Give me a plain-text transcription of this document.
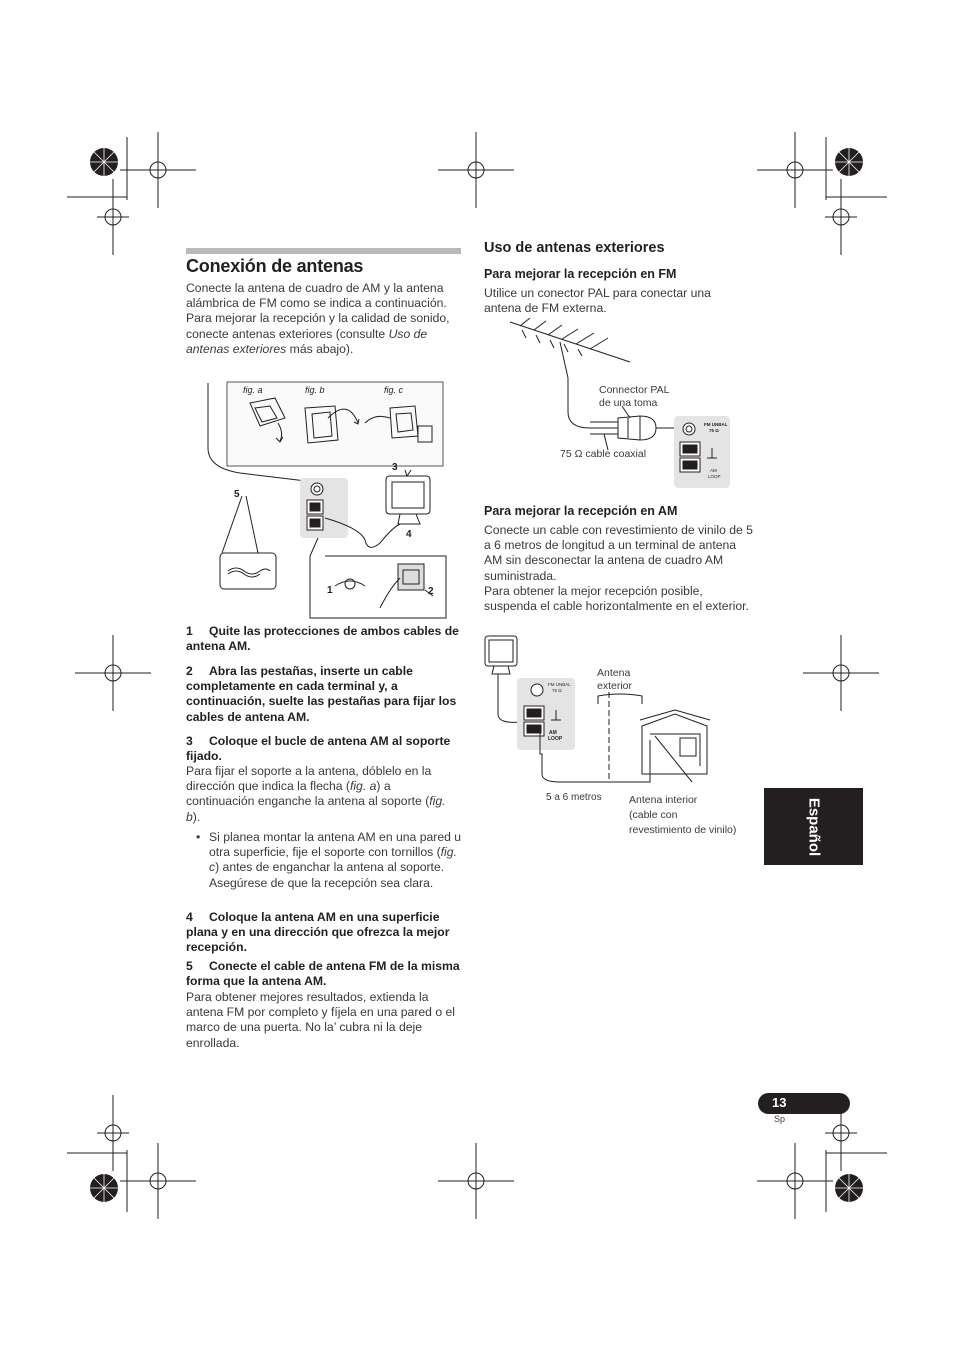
Conexión de antenas
Conecte la antena de cuadro de AM y la antena alámbrica de FM como se indica a continuación. Para mejorar la recepción y la calidad de sonido, conecte antenas exteriores (consulte Uso de antenas exteriores más abajo).
fig. a	fig. b	fig. c
1	2
3
4
5
1 Quite las protecciones de ambos cables de antena AM.
2 Abra las pestañas, inserte un cable completamente en cada terminal y, a continuación, suelte las pestañas para fijar los cables de antena AM.
3 Coloque el bucle de antena AM al soporte fijado.
Para fijar el soporte a la antena, dóblelo en la dirección que indica la flecha (fig. a) a continuación enganche la antena al soporte (fig. b).
• Si planea montar la antena AM en una pared u otra superficie, fije el soporte con tornillos (fig. c) antes de enganchar la antena al soporte. Asegúrese de que la recepción sea clara.
4 Coloque la antena AM en una superficie plana y en una dirección que ofrezca la mejor recepción.
5 Conecte el cable de antena FM de la misma forma que la antena AM.
Para obtener mejores resultados, extienda la antena FM por completo y fíjela en una pared o el marco de una puerta. No la’ cubra ni la deje enrollada.
Uso de antenas exteriores
Para mejorar la recepción en FM
Utilice un conector PAL para conectar una antena de FM externa.
FM UNBAL
75 Ω
AM
LOOP
Connector PAL
de una toma
75 Ω cable coaxial
Para mejorar la recepción en AM
Conecte un cable con revestimiento de vinilo de 5 a 6 metros de longitud a un terminal de antena AM sin desconectar la antena de cuadro AM suministrada.
Para obtener la mejor recepción posible, suspenda el cable horizontalmente en el exterior.
FM UNBAL
75 Ω
AM
LOOP
Antena
exterior
5 a 6 metros	Antena interior
(cable con
revestimiento de vinilo)	Español
13
Sp
